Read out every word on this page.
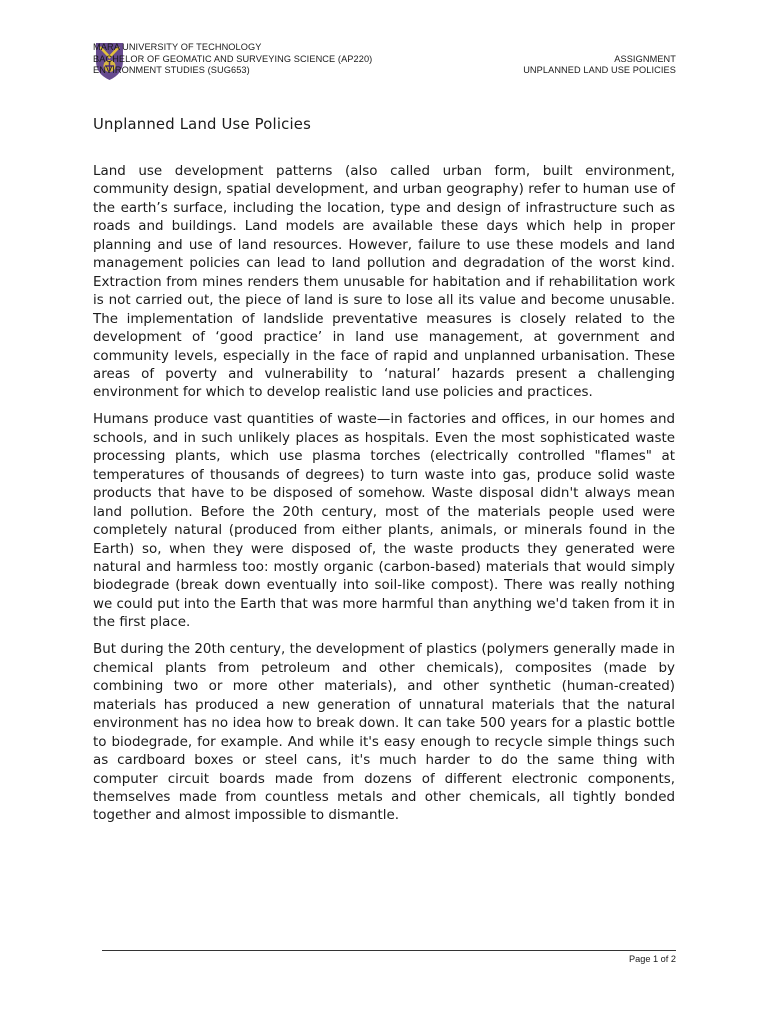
MARA UNIVERSITY OF TECHNOLOGY
BACHELOR OF GEOMATIC AND SURVEYING SCIENCE (AP220)
ENVIRONMENT STUDIES (SUG653)
ASSIGNMENT
UNPLANNED LAND USE POLICIES
Unplanned Land Use Policies

Land use development patterns (also called urban form, built environment, community design, spatial development, and urban geography) refer to human use of the earth’s surface, including the location, type and design of infrastructure such as roads and buildings. Land models are available these days which help in proper planning and use of land resources. However, failure to use these models and land management policies can lead to land pollution and degradation of the worst kind. Extraction from mines renders them unusable for habitation and if rehabilitation work is not carried out, the piece of land is sure to lose all its value and become unusable. The implementation of landslide preventative measures is closely related to the development of ‘good practice’ in land use management, at government and community levels, especially in the face of rapid and unplanned urbanisation. These areas of poverty and vulnerability to ‘natural’ hazards present a challenging environment for which to develop realistic land use policies and practices.

Humans produce vast quantities of waste—in factories and offices, in our homes and schools, and in such unlikely places as hospitals. Even the most sophisticated waste processing plants, which use plasma torches (electrically controlled "flames" at temperatures of thousands of degrees) to turn waste into gas, produce solid waste products that have to be disposed of somehow. Waste disposal didn't always mean land pollution. Before the 20th century, most of the materials people used were completely natural (produced from either plants, animals, or minerals found in the Earth) so, when they were disposed of, the waste products they generated were natural and harmless too: mostly organic (carbon-based) materials that would simply biodegrade (break down eventually into soil-like compost). There was really nothing we could put into the Earth that was more harmful than anything we'd taken from it in the first place.

But during the 20th century, the development of plastics (polymers generally made in chemical plants from petroleum and other chemicals), composites (made by combining two or more other materials), and other synthetic (human-created) materials has produced a new generation of unnatural materials that the natural environment has no idea how to break down. It can take 500 years for a plastic bottle to biodegrade, for example. And while it's easy enough to recycle simple things such as cardboard boxes or steel cans, it's much harder to do the same thing with computer circuit boards made from dozens of different electronic components, themselves made from countless metals and other chemicals, all tightly bonded together and almost impossible to dismantle.

Page 1 of 2
